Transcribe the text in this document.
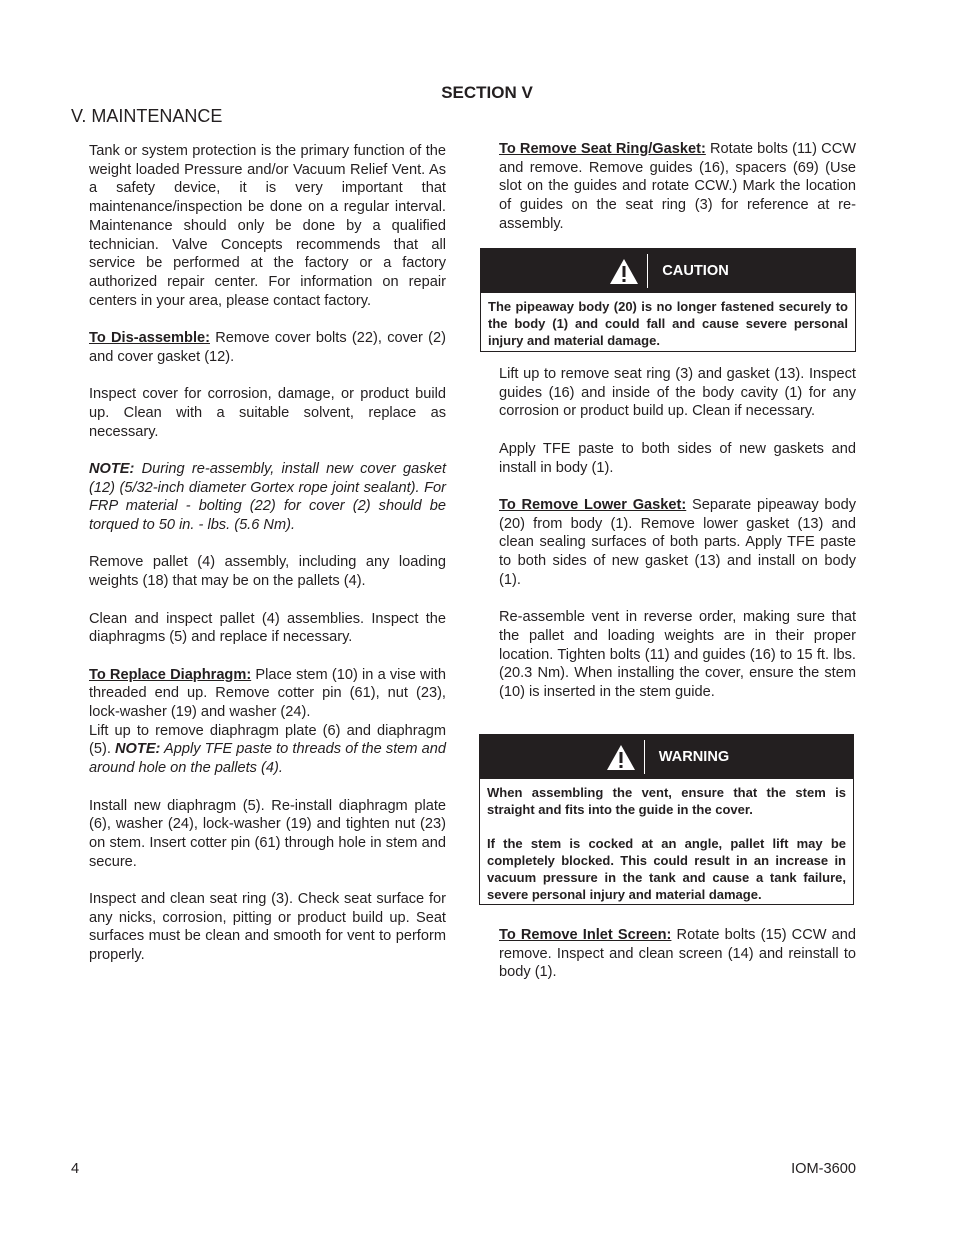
SECTION V
V. MAINTENANCE

Tank or system protection is the primary function of the weight loaded Pressure and/or Vacuum Relief Vent. As a safety device, it is very important that maintenance/inspection be done on a regular interval. Maintenance should only be done by a qualified technician. Valve Concepts recommends that all service be performed at the factory or a factory authorized repair center. For information on repair centers in your area, please contact factory.

To Dis-assemble: Remove cover bolts (22), cover (2) and cover gasket (12).

Inspect cover for corrosion, damage, or product build up. Clean with a suitable solvent, replace as necessary.

NOTE: During re-assembly, install new cover gasket (12) (5/32-inch diameter Gortex rope joint sealant). For FRP material - bolting (22) for cover (2) should be torqued to 50 in. - lbs. (5.6 Nm).

Remove pallet (4) assembly, including any loading weights (18) that may be on the pallets (4).

Clean and inspect pallet (4) assemblies. Inspect the diaphragms (5) and replace if necessary.

To Replace Diaphragm: Place stem (10) in a vise with threaded end up. Remove cotter pin (61), nut (23), lock-washer (19) and washer (24).
Lift up to remove diaphragm plate (6) and diaphragm (5). NOTE: Apply TFE paste to threads of the stem and around hole on the pallets (4).

Install new diaphragm (5). Re-install diaphragm plate (6), washer (24), lock-washer (19) and tighten nut (23) on stem. Insert cotter pin (61) through hole in stem and secure.

Inspect and clean seat ring (3). Check seat surface for any nicks, corrosion, pitting or product build up. Seat surfaces must be clean and smooth for vent to perform properly.

To Remove Seat Ring/Gasket: Rotate bolts (11) CCW and remove. Remove guides (16), spacers (69) (Use slot on the guides and rotate CCW.) Mark the location of guides on the seat ring (3) for reference at re-assembly.

CAUTION

The pipeaway body (20) is no longer fastened securely to the body (1) and could fall and cause severe personal injury and material damage.

Lift up to remove seat ring (3) and gasket (13). Inspect guides (16) and inside of the body cavity (1) for any corrosion or product build up. Clean if necessary.

Apply TFE paste to both sides of new gaskets and install in body (1).

To Remove Lower Gasket: Separate pipeaway body (20) from body (1). Remove lower gasket (13) and clean sealing surfaces of both parts. Apply TFE paste to both sides of new gasket (13) and install on body (1).

Re-assemble vent in reverse order, making sure that the pallet and loading weights are in their proper location. Tighten bolts (11) and guides (16) to 15 ft. lbs. (20.3 Nm). When installing the cover, ensure the stem (10) is inserted in the stem guide.

WARNING

When assembling the vent, ensure that the stem is straight and fits into the guide in the cover.

If the stem is cocked at an angle, pallet lift may be completely blocked. This could result in an increase in vacuum pressure in the tank and cause a tank failure, severe personal injury and material damage.

To Remove Inlet Screen: Rotate bolts (15) CCW and remove. Inspect and clean screen (14) and reinstall to body (1).

4	IOM-3600
